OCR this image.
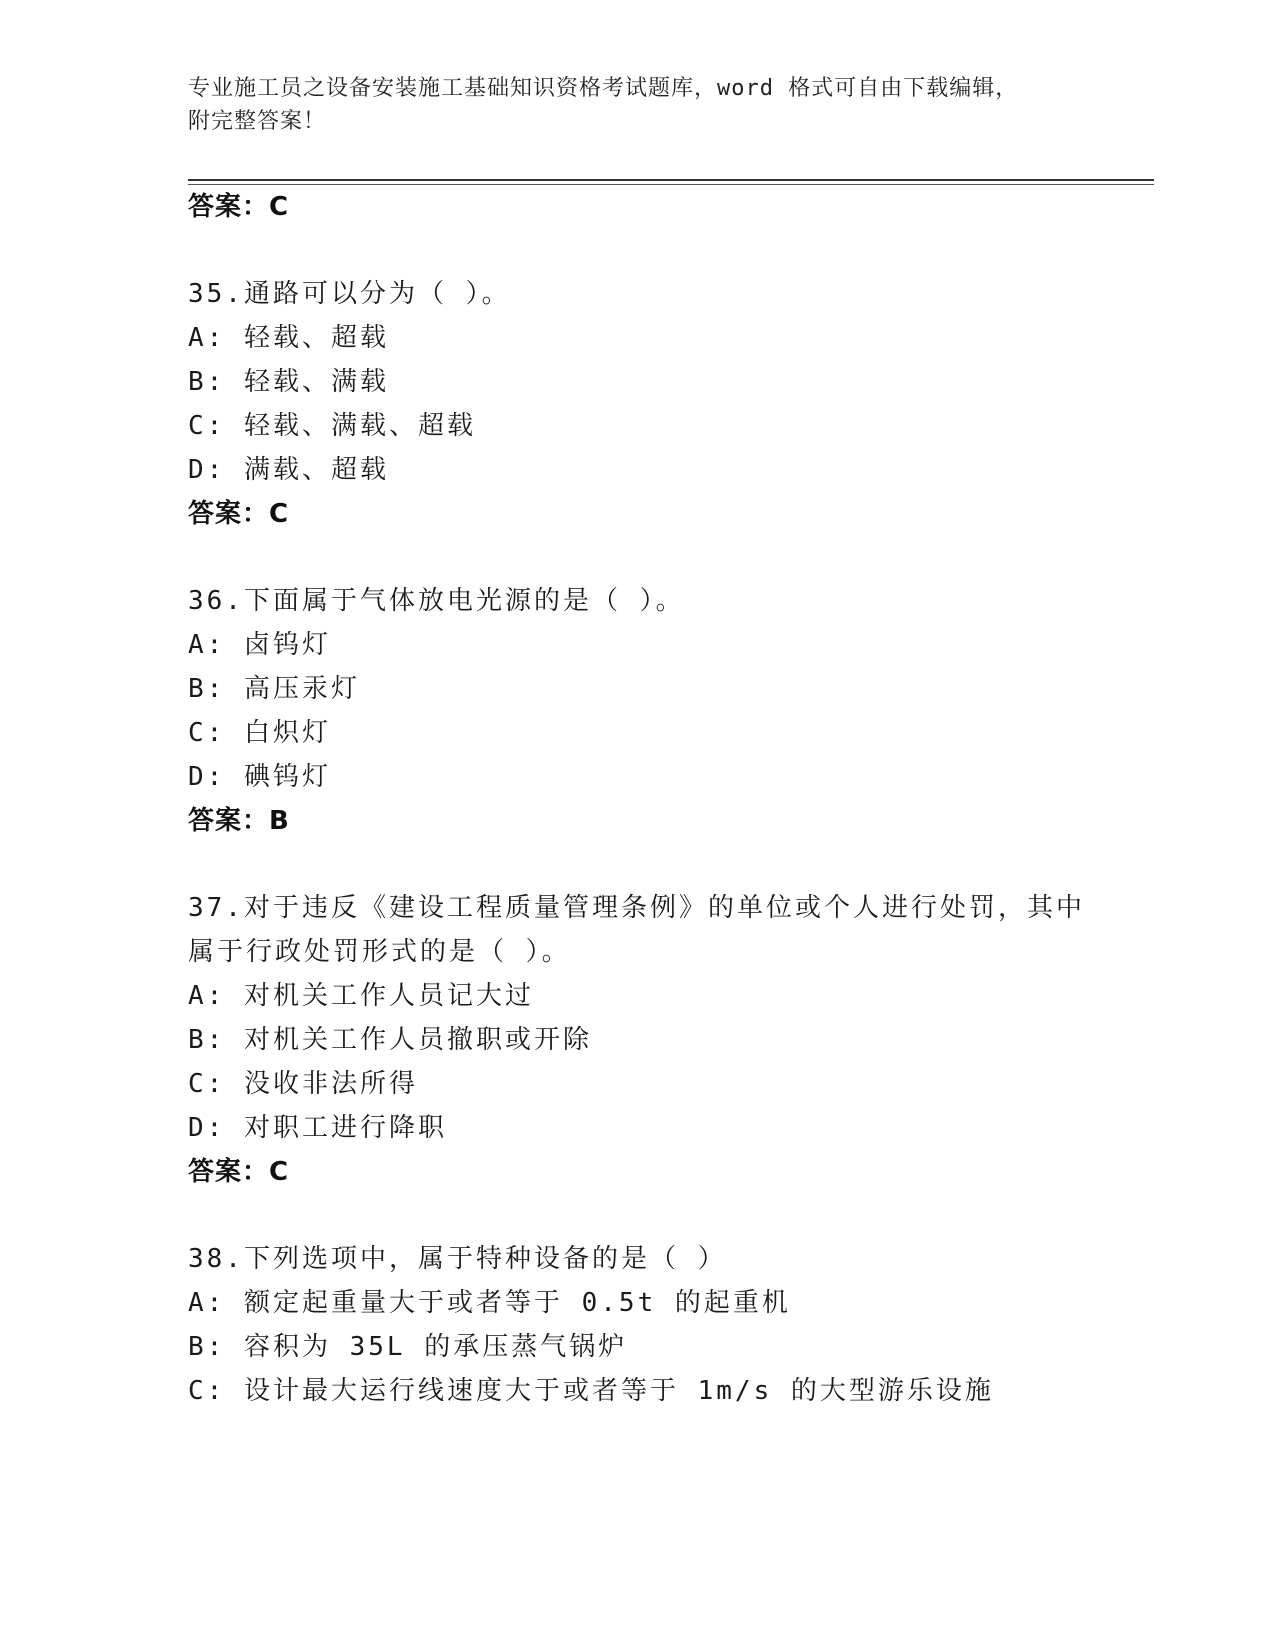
专业施工员之设备安装施工基础知识资格考试题库，word 格式可自由下载编辑，
附完整答案！
答案：C
35.通路可以分为（ ）。
A: 轻载、超载
B: 轻载、满载
C: 轻载、满载、超载
D: 满载、超载
答案：C
36.下面属于气体放电光源的是（ ）。
A: 卤钨灯
B: 高压汞灯
C: 白炽灯
D: 碘钨灯
答案：B
37.对于违反《建设工程质量管理条例》的单位或个人进行处罚，其中
属于行政处罚形式的是（ ）。
A: 对机关工作人员记大过
B: 对机关工作人员撤职或开除
C: 没收非法所得
D: 对职工进行降职
答案：C
38.下列选项中，属于特种设备的是（ ）
A: 额定起重量大于或者等于 0.5t 的起重机
B: 容积为 35L 的承压蒸气锅炉
C: 设计最大运行线速度大于或者等于 1m/s 的大型游乐设施
